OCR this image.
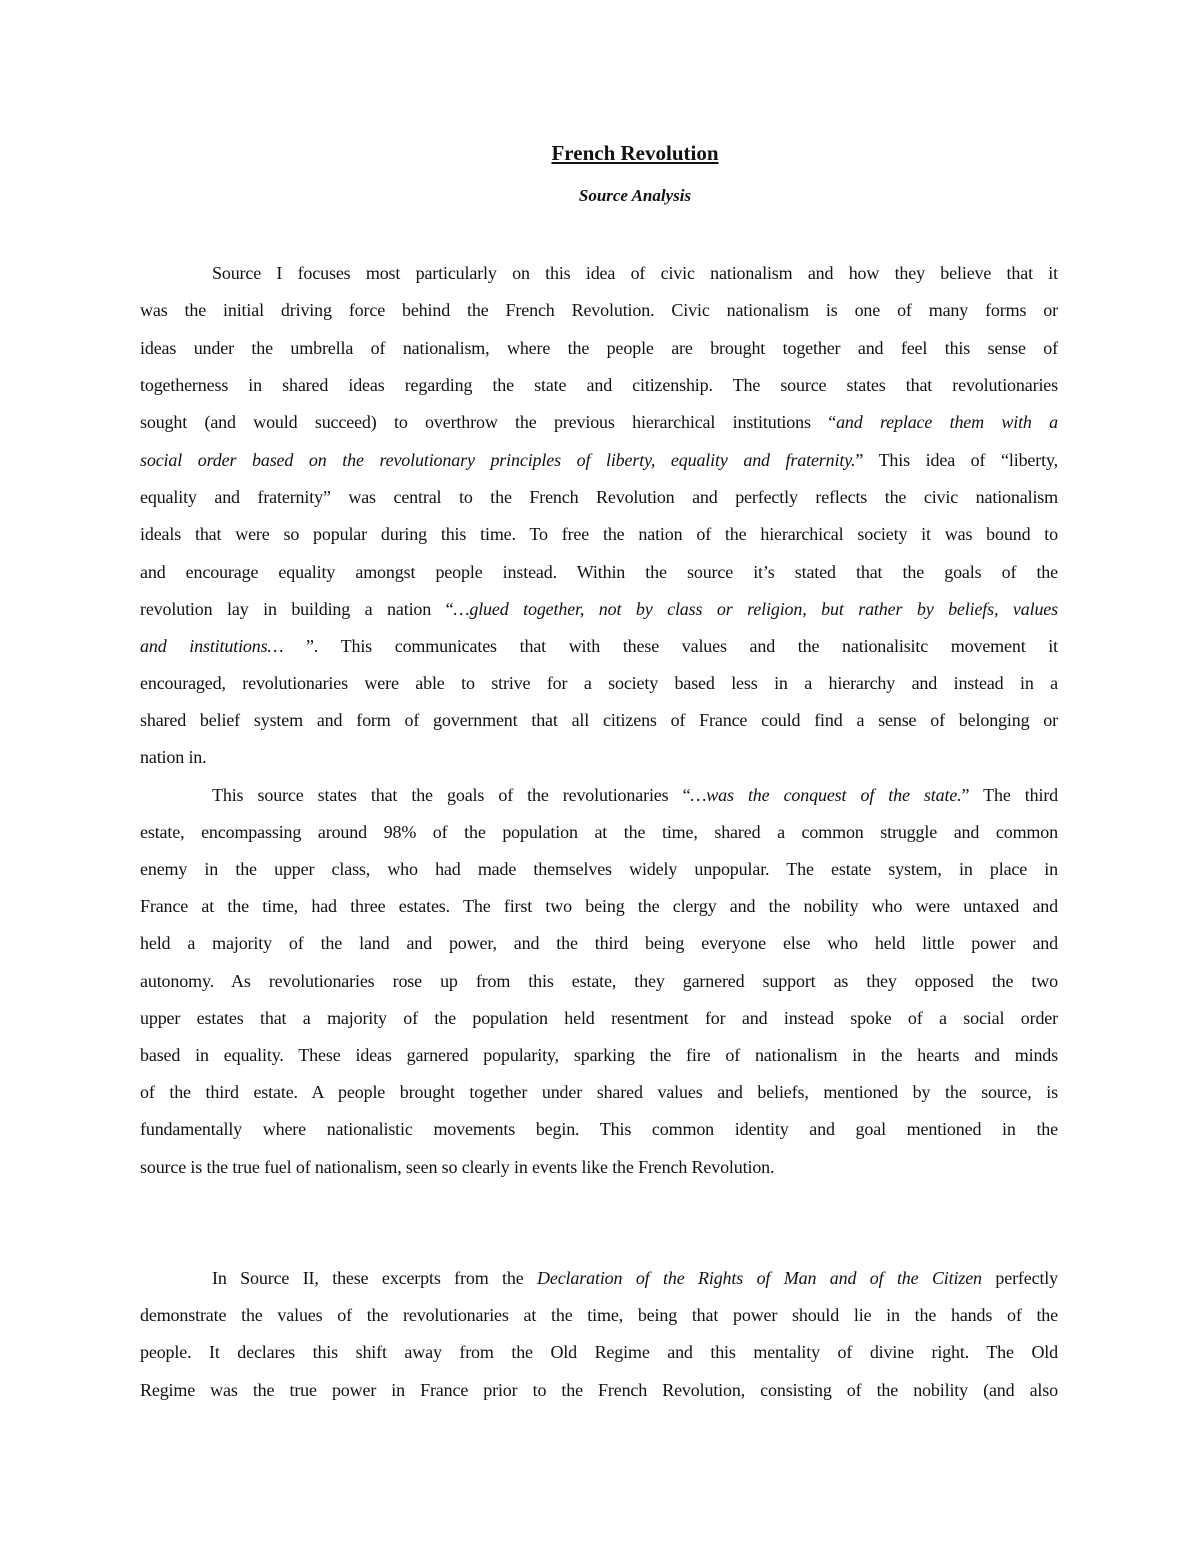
French Revolution
Source Analysis
Source I focuses most particularly on this idea of civic nationalism and how they believe that it
was the initial driving force behind the French Revolution. Civic nationalism is one of many forms or
ideas under the umbrella of nationalism, where the people are brought together and feel this sense of
togetherness in shared ideas regarding the state and citizenship. The source states that revolutionaries
sought (and would succeed) to overthrow the previous hierarchical institutions “and replace them with a
social order based on the revolutionary principles of liberty, equality and fraternity.” This idea of “liberty,
equality and fraternity” was central to the French Revolution and perfectly reflects the civic nationalism
ideals that were so popular during this time. To free the nation of the hierarchical society it was bound to
and encourage equality amongst people instead. Within the source it’s stated that the goals of the
revolution lay in building a nation “…glued together, not by class or religion, but rather by beliefs, values
and institutions… ”. This communicates that with these values and the nationalisitc movement it
encouraged, revolutionaries were able to strive for a society based less in a hierarchy and instead in a
shared belief system and form of government that all citizens of France could find a sense of belonging or
nation in.
This source states that the goals of the revolutionaries “…was the conquest of the state.” The third
estate, encompassing around 98% of the population at the time, shared a common struggle and common
enemy in the upper class, who had made themselves widely unpopular. The estate system, in place in
France at the time, had three estates. The first two being the clergy and the nobility who were untaxed and
held a majority of the land and power, and the third being everyone else who held little power and
autonomy. As revolutionaries rose up from this estate, they garnered support as they opposed the two
upper estates that a majority of the population held resentment for and instead spoke of a social order
based in equality. These ideas garnered popularity, sparking the fire of nationalism in the hearts and minds
of the third estate. A people brought together under shared values and beliefs, mentioned by the source, is
fundamentally where nationalistic movements begin. This common identity and goal mentioned in the
source is the true fuel of nationalism, seen so clearly in events like the French Revolution.
In Source II, these excerpts from the Declaration of the Rights of Man and of the Citizen perfectly
demonstrate the values of the revolutionaries at the time, being that power should lie in the hands of the
people. It declares this shift away from the Old Regime and this mentality of divine right. The Old
Regime was the true power in France prior to the French Revolution, consisting of the nobility (and also
